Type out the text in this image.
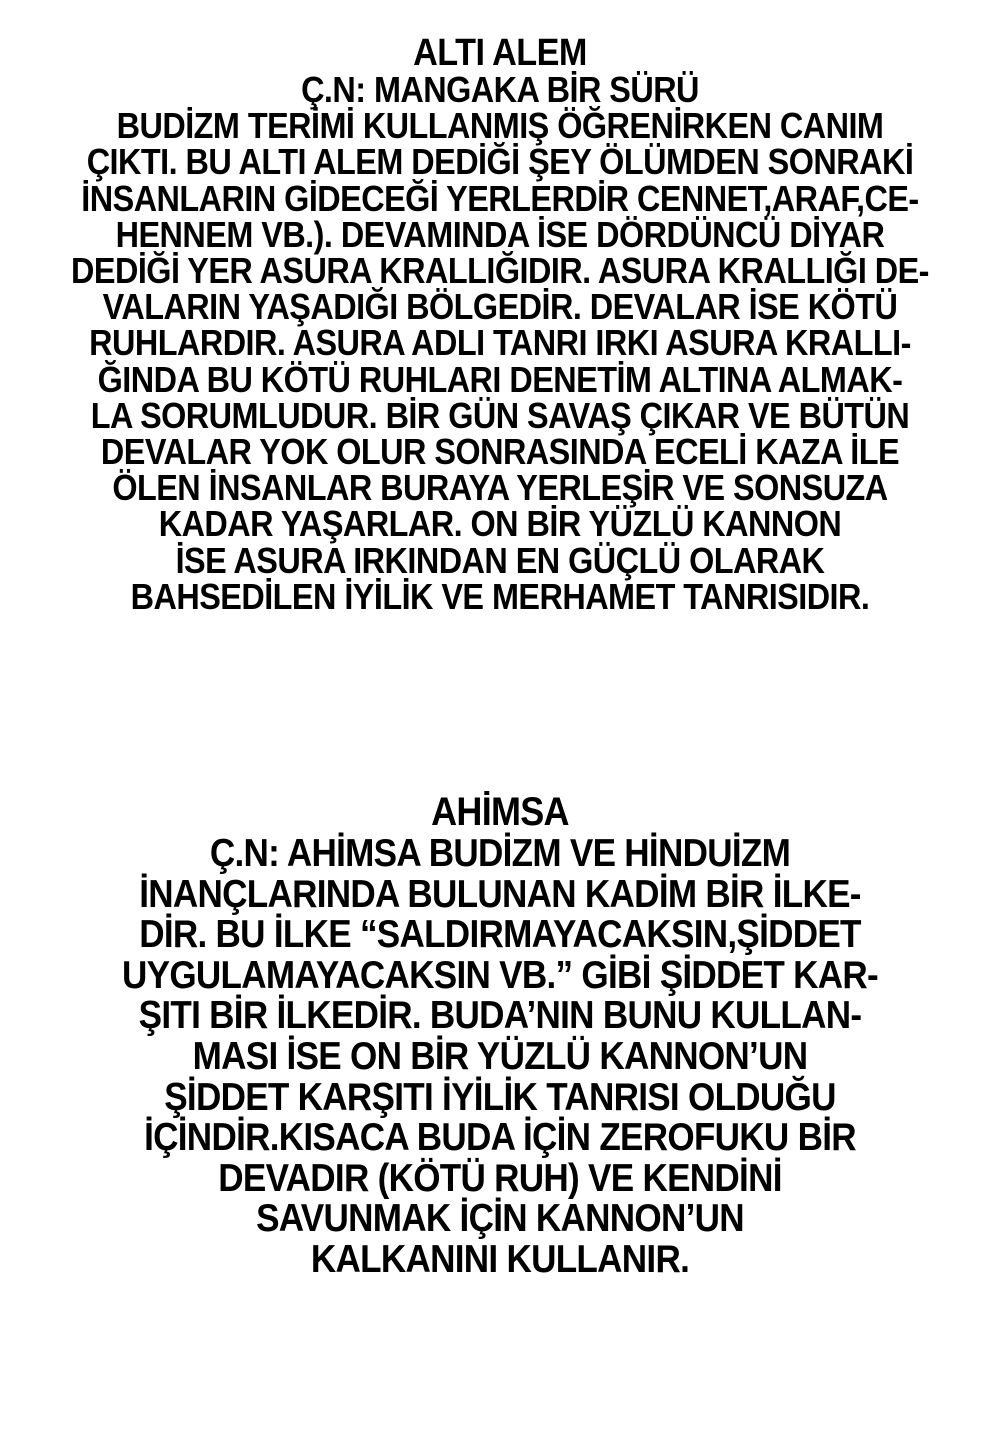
ALTI ALEM
Ç.N: MANGAKA BİR SÜRÜ
BUDİZM TERİMİ KULLANMIŞ ÖĞRENİRKEN CANIM
ÇIKTI. BU ALTI ALEM DEDİĞİ ŞEY ÖLÜMDEN SONRAKİ
İNSANLARIN GİDECEĞİ YERLERDİR CENNET,ARAF,CE-
HENNEM VB.). DEVAMINDA İSE DÖRDÜNCÜ DİYAR
DEDİĞİ YER ASURA KRALLIĞIDIR. ASURA KRALLIĞI DE-
VALARIN YAŞADIĞI BÖLGEDİR. DEVALAR İSE KÖTÜ
RUHLARDIR. ASURA ADLI TANRI IRKI ASURA KRALLI-
ĞINDA BU KÖTÜ RUHLARI DENETİM ALTINA ALMAK-
LA SORUMLUDUR. BİR GÜN SAVAŞ ÇIKAR VE BÜTÜN
DEVALAR YOK OLUR SONRASINDA ECELİ KAZA İLE
ÖLEN İNSANLAR BURAYA YERLEŞİR VE SONSUZA
KADAR YAŞARLAR. ON BİR YÜZLÜ KANNON
İSE ASURA IRKINDAN EN GÜÇLÜ OLARAK
BAHSEDİLEN İYİLİK VE MERHAMET TANRISIDIR.
AHİMSA
Ç.N: AHİMSA BUDİZM VE HİNDUİZM
İNANÇLARINDA BULUNAN KADİM BİR İLKE-
DİR. BU İLKE “SALDIRMAYACAKSIN,ŞİDDET
UYGULAMAYACAKSIN VB.” GİBİ ŞİDDET KAR-
ŞITI BİR İLKEDİR. BUDA’NIN BUNU KULLAN-
MASI İSE ON BİR YÜZLÜ KANNON’UN
ŞİDDET KARŞITI İYİLİK TANRISI OLDUĞU
İÇİNDİR.KISACA BUDA İÇİN ZEROFUKU BİR
DEVADIR (KÖTÜ RUH) VE KENDİNİ
SAVUNMAK İÇİN KANNON’UN
KALKANINI KULLANIR.
